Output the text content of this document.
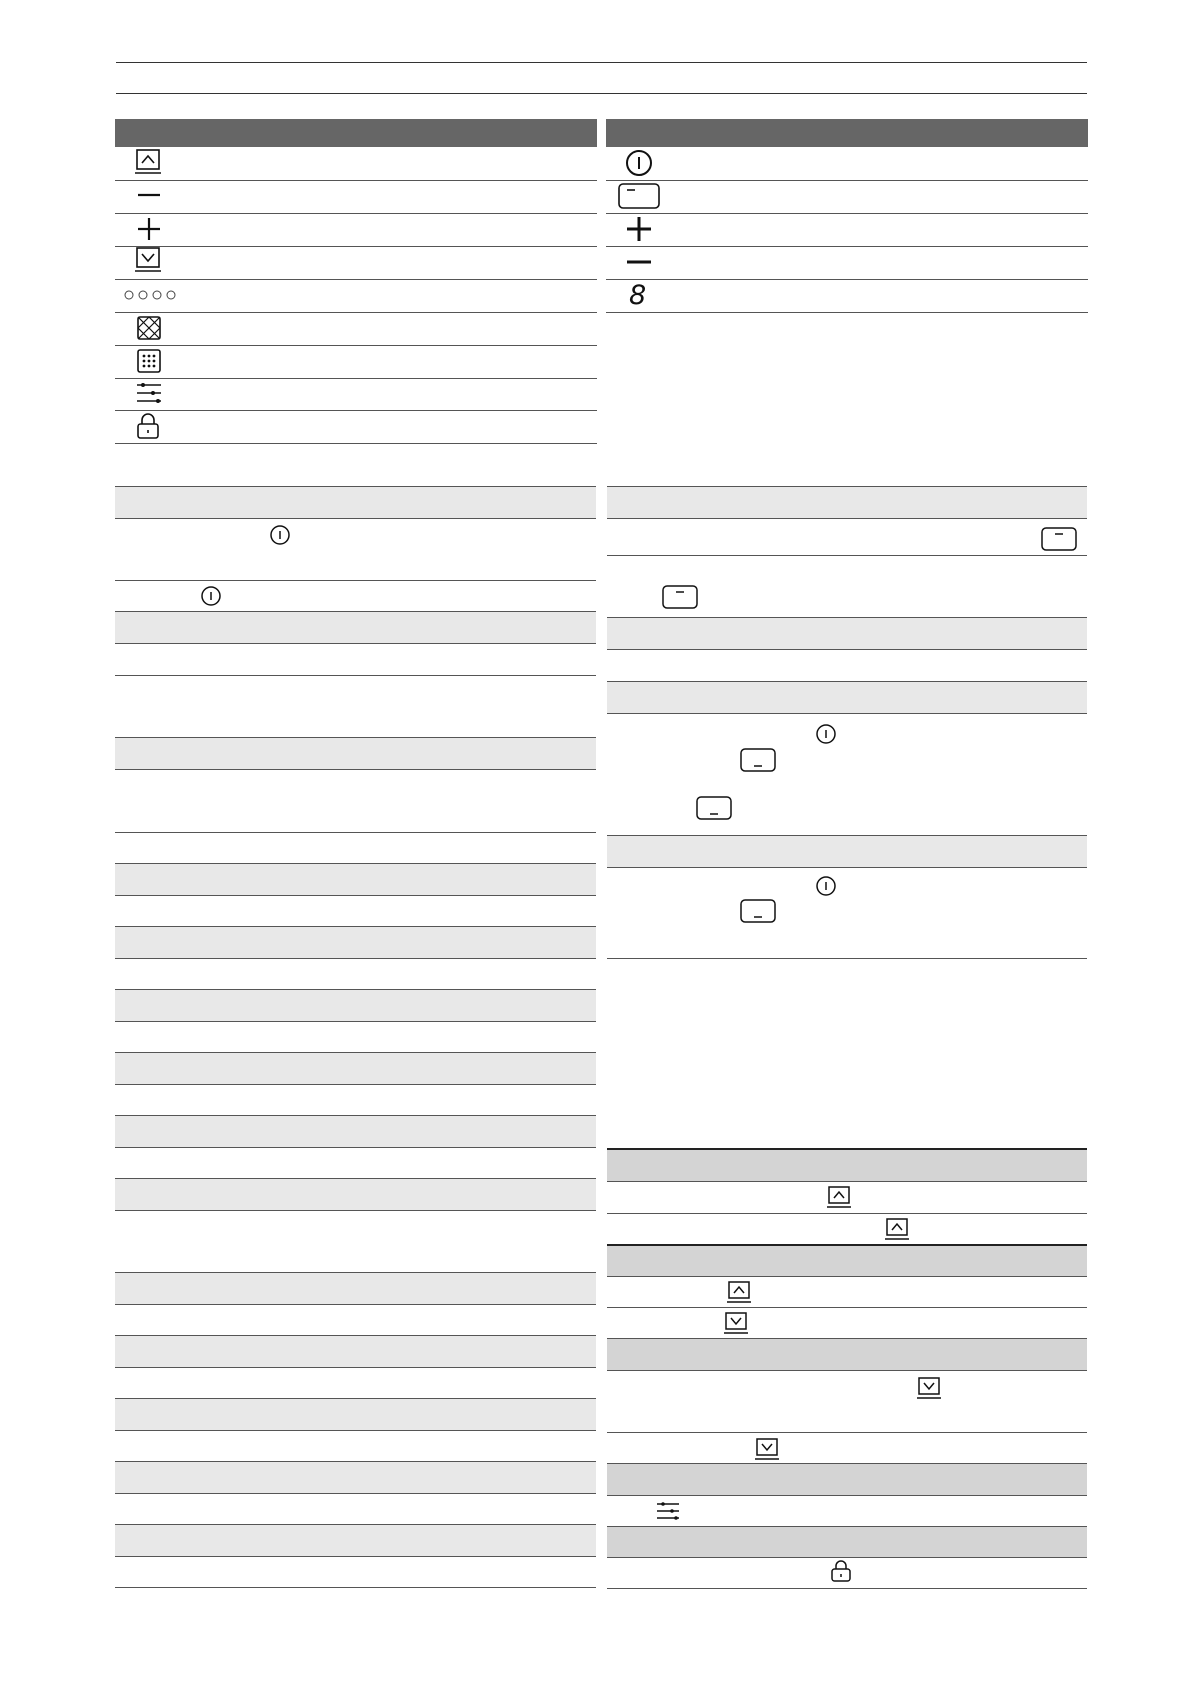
8
